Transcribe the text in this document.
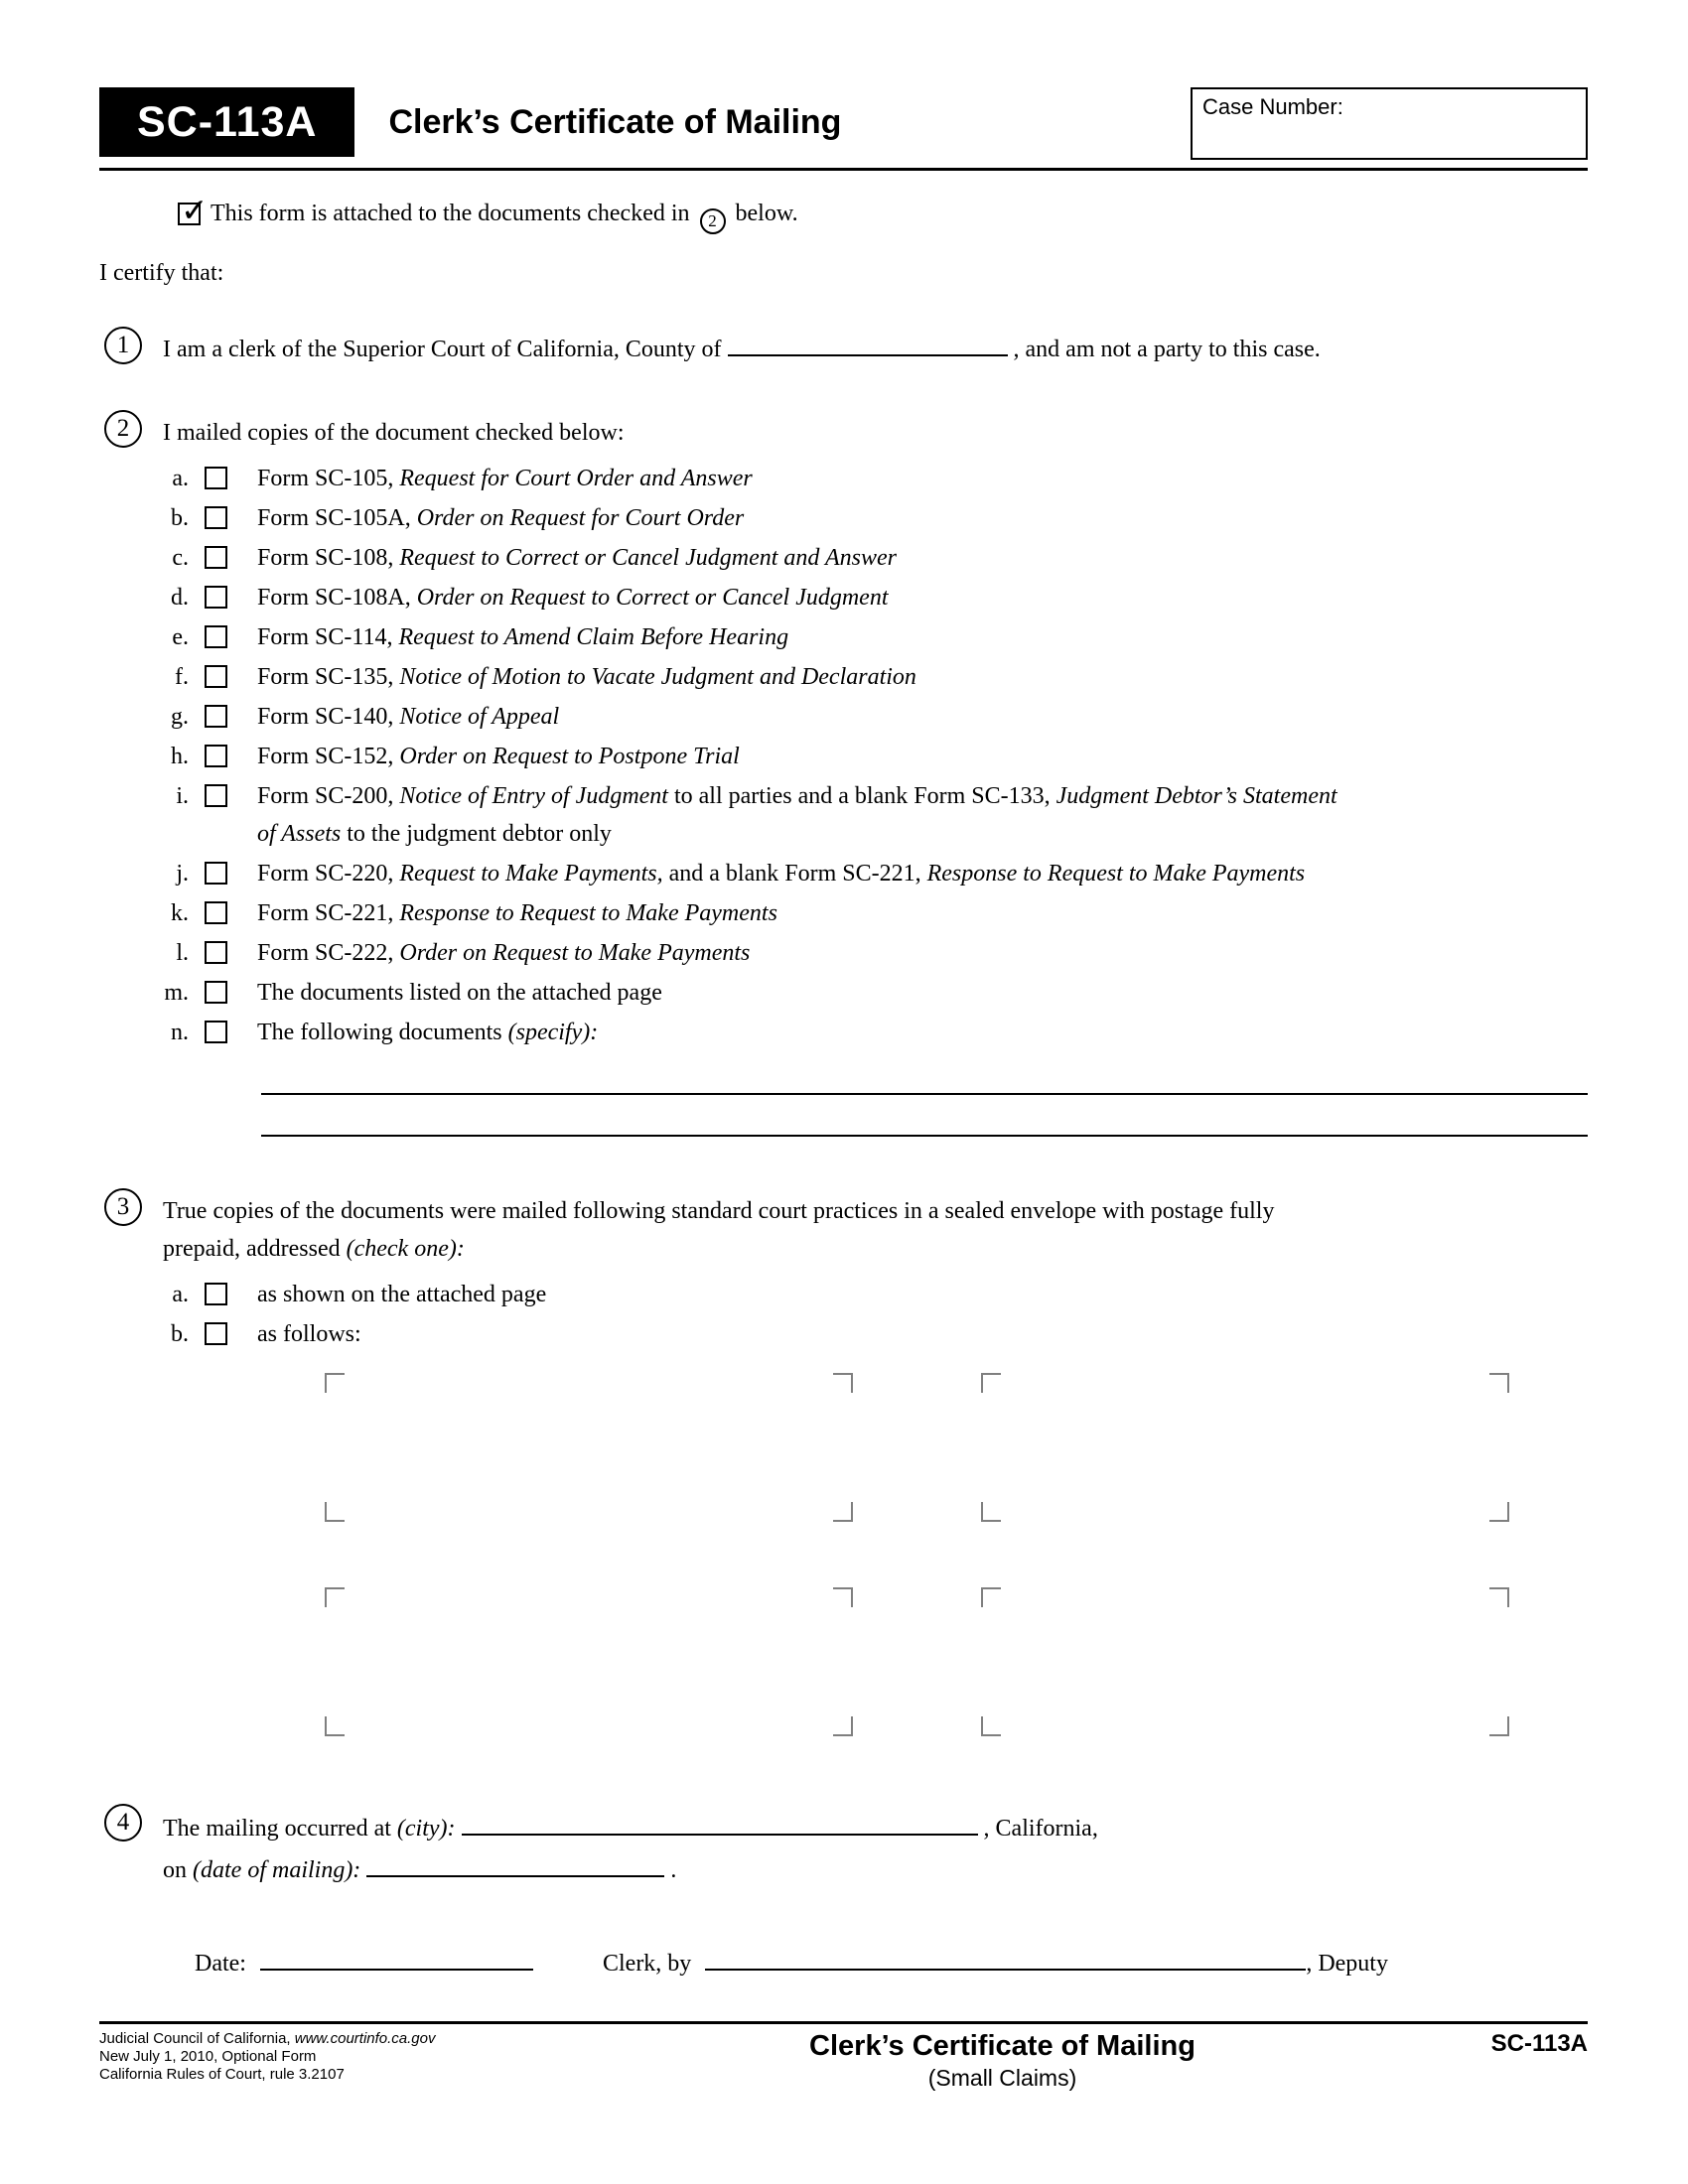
SC-113A	Clerk’s Certificate of Mailing	Case Number:
✓
This form is attached to the documents checked in 2 below.
I certify that:
1	I am a clerk of the Superior Court of California, County of	, and am not a party to this case.
2	I mailed copies of the document checked below:
a.	Form SC-105, Request for Court Order and Answer
b.	Form SC-105A, Order on Request for Court Order
c.	Form SC-108, Request to Correct or Cancel Judgment and Answer
d.	Form SC-108A, Order on Request to Correct or Cancel Judgment
e.	Form SC-114, Request to Amend Claim Before Hearing
f.	Form SC-135, Notice of Motion to Vacate Judgment and Declaration
g.	Form SC-140, Notice of Appeal
h.	Form SC-152, Order on Request to Postpone Trial
i.	Form SC-200, Notice of Entry of Judgment to all parties and a blank Form SC-133, Judgment Debtor’s Statement of Assets to the judgment debtor only
j.	Form SC-220, Request to Make Payments, and a blank Form SC-221, Response to Request to Make Payments
k.	Form SC-221, Response to Request to Make Payments
l.	Form SC-222, Order on Request to Make Payments
m.	The documents listed on the attached page
n.	The following documents (specify):
3	True copies of the documents were mailed following standard court practices in a sealed envelope with postage fully prepaid, addressed (check one):
a.	as shown on the attached page
b.	as follows:
4	The mailing occurred at (city):	, California,
on (date of mailing):	.
Date:	Clerk, by	, Deputy
Judicial Council of California, www.courtinfo.ca.gov
New July 1, 2010, Optional Form
California Rules of Court, rule 3.2107
Clerk’s Certificate of Mailing
(Small Claims)
SC-113A
